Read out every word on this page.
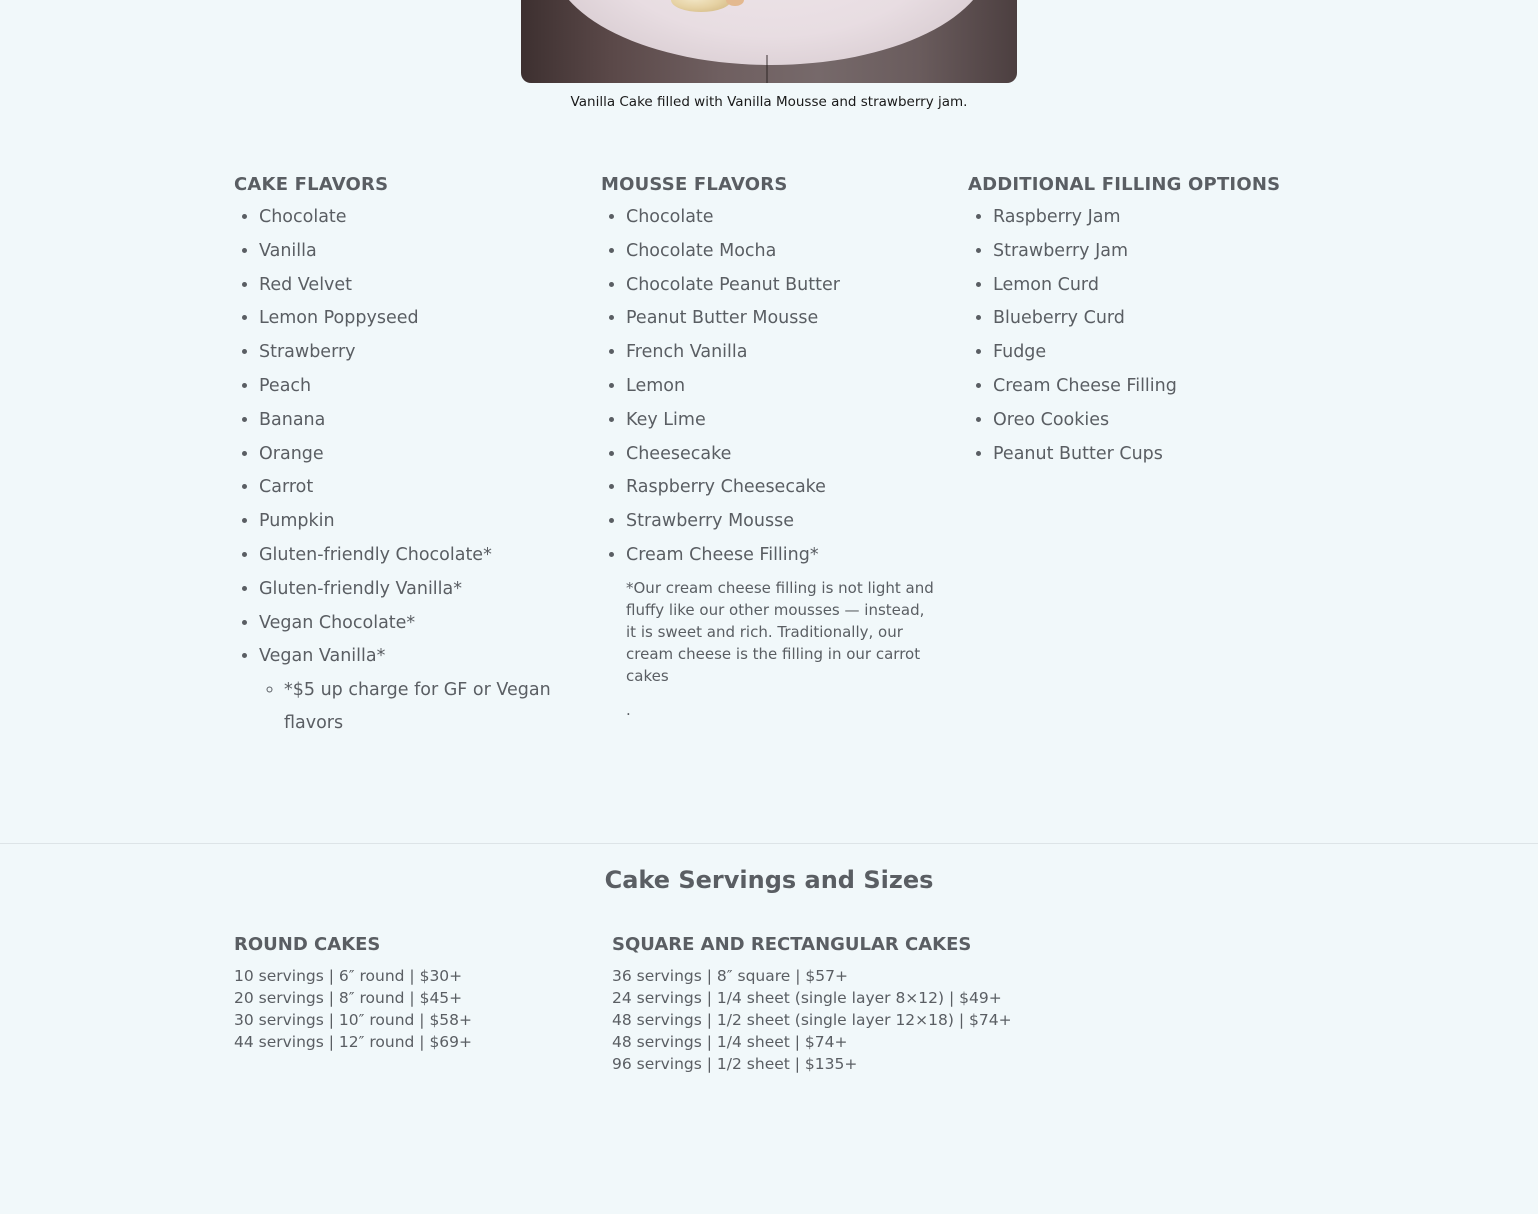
Vanilla Cake filled with Vanilla Mousse and strawberry jam.
CAKE FLAVORS
• Chocolate
• Vanilla
• Red Velvet
• Lemon Poppyseed
• Strawberry
• Peach
• Banana
• Orange
• Carrot
• Pumpkin
• Gluten-friendly Chocolate*
• Gluten-friendly Vanilla*
• Vegan Chocolate*
• Vegan Vanilla*
◦ *$5 up charge for GF or Vegan flavors
MOUSSE FLAVORS
• Chocolate
• Chocolate Mocha
• Chocolate Peanut Butter
• Peanut Butter Mousse
• French Vanilla
• Lemon
• Key Lime
• Cheesecake
• Raspberry Cheesecake
• Strawberry Mousse
• Cream Cheese Filling*
*Our cream cheese filling is not light and fluffy like our other mousses — instead, it is sweet and rich. Traditionally, our cream cheese is the filling in our carrot cakes
.
ADDITIONAL FILLING OPTIONS
• Raspberry Jam
• Strawberry Jam
• Lemon Curd
• Blueberry Curd
• Fudge
• Cream Cheese Filling
• Oreo Cookies
• Peanut Butter Cups
Cake Servings and Sizes
ROUND CAKES
10 servings | 6″ round | $30+
20 servings | 8″ round | $45+
30 servings | 10″ round | $58+
44 servings | 12″ round | $69+
SQUARE AND RECTANGULAR CAKES
36 servings | 8″ square | $57+
24 servings | 1/4 sheet (single layer 8×12) | $49+
48 servings | 1/2 sheet (single layer 12×18) | $74+
48 servings | 1/4 sheet | $74+
96 servings | 1/2 sheet | $135+
